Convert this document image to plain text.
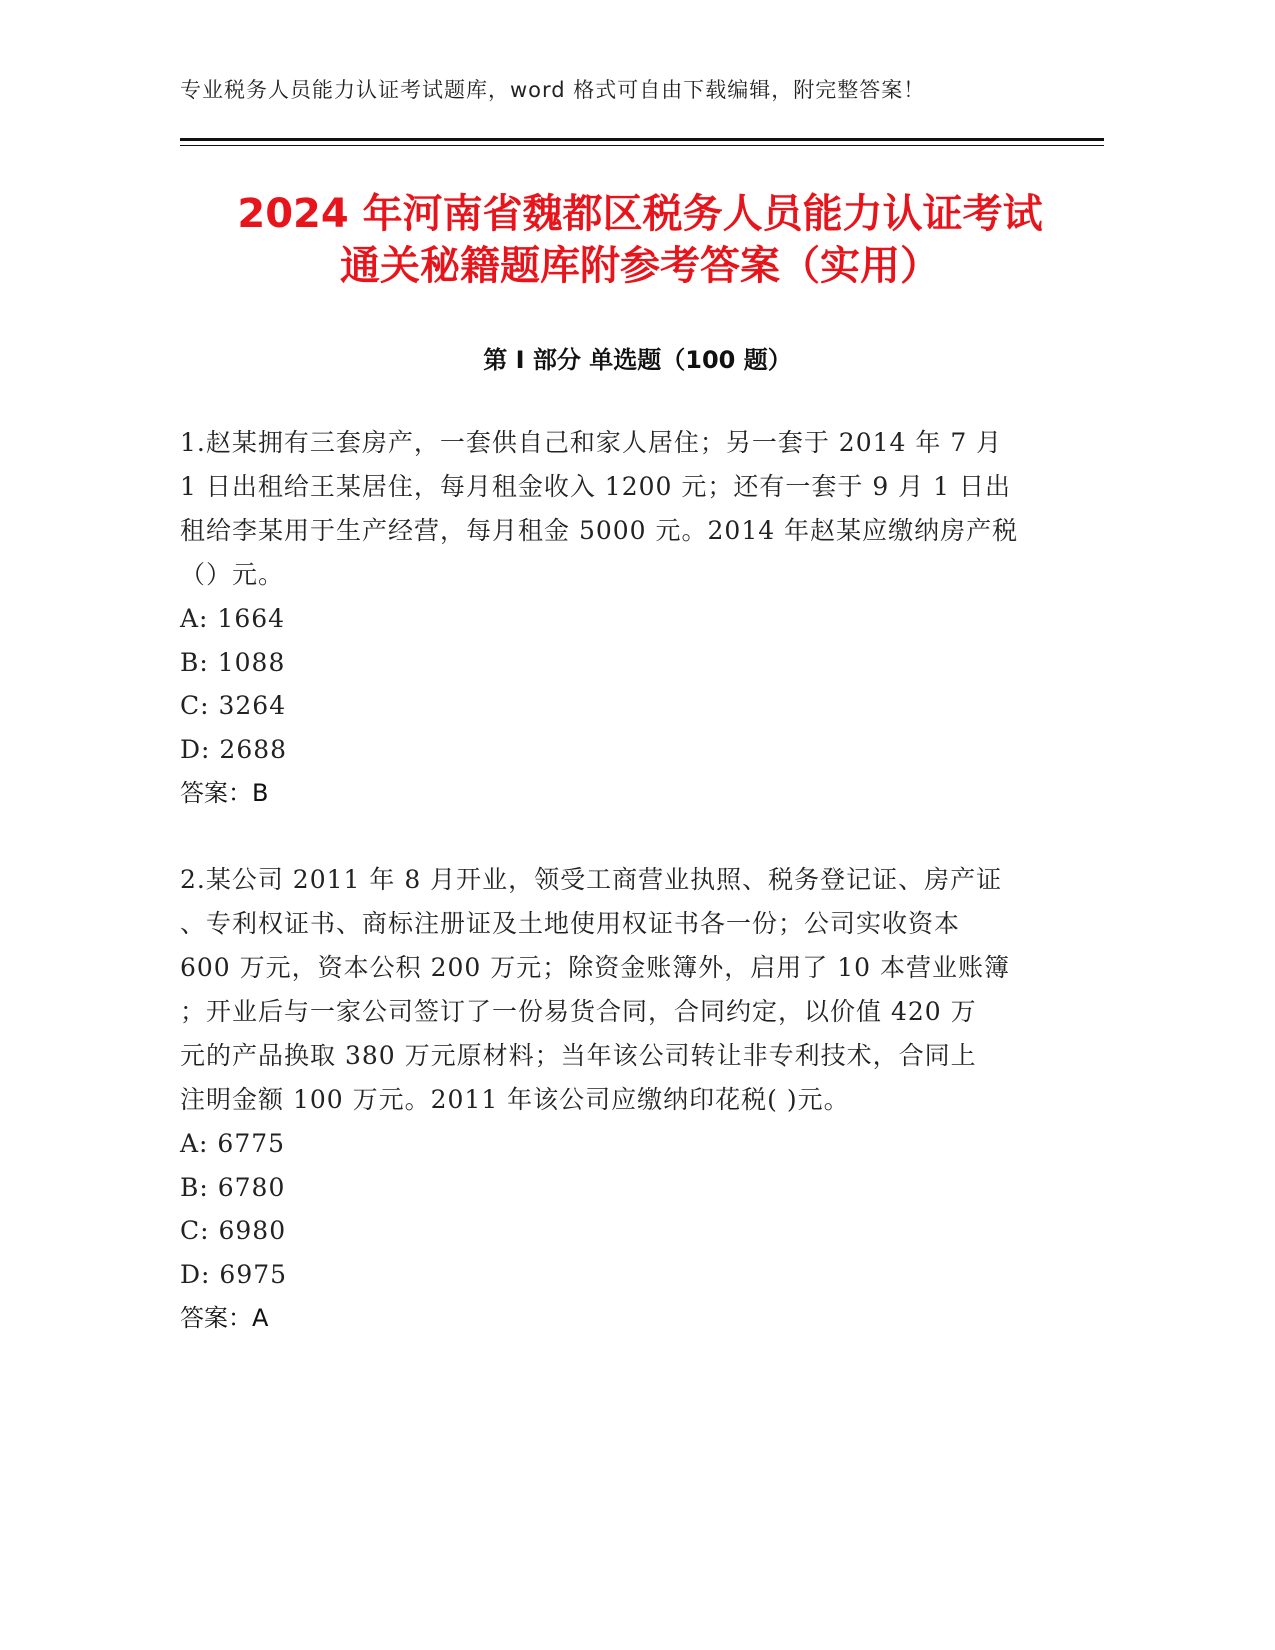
专业税务人员能力认证考试题库，word 格式可自由下载编辑，附完整答案！
2024 年河南省魏都区税务人员能力认证考试
通关秘籍题库附参考答案（实用）
第 I 部分 单选题（100 题）
1.赵某拥有三套房产，一套供自己和家人居住；另一套于 2014 年 7 月
1 日出租给王某居住，每月租金收入 1200 元；还有一套于 9 月 1 日出
租给李某用于生产经营，每月租金 5000 元。2014 年赵某应缴纳房产税
（）元。
A: 1664
B: 1088
C: 3264
D: 2688
答案：B
2.某公司 2011 年 8 月开业，领受工商营业执照、税务登记证、房产证
、专利权证书、商标注册证及土地使用权证书各一份；公司实收资本
600 万元，资本公积 200 万元；除资金账簿外，启用了 10 本营业账簿
；开业后与一家公司签订了一份易货合同，合同约定，以价值 420 万
元的产品换取 380 万元原材料；当年该公司转让非专利技术，合同上
注明金额 100 万元。2011 年该公司应缴纳印花税( )元。
A: 6775
B: 6780
C: 6980
D: 6975
答案：A
